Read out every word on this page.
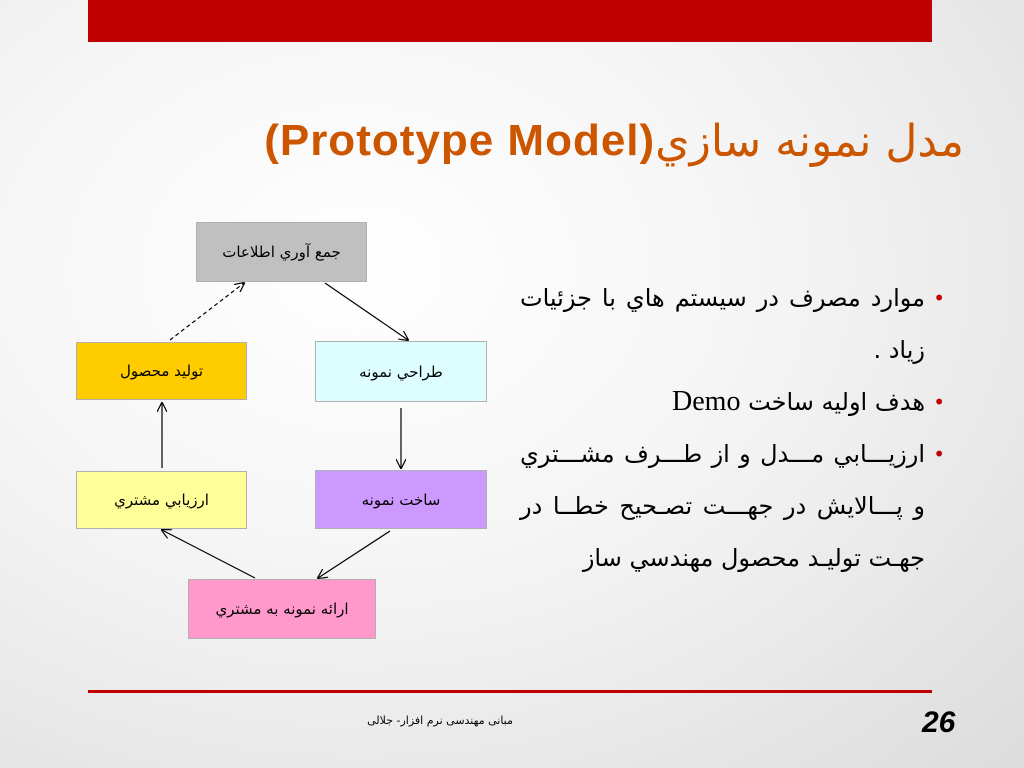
(Prototype Model) مدل نمونه سازي
جمع آوري اطلاعات
طراحي نمونه
توليد محصول
ساخت نمونه
ارزيابي مشتري
ارائه نمونه به مشتري
•
موارد مصرف در سيستم هاي با جزئيات زياد .
•
هدف اوليه ساخت Demo
•
ارزيـــابي مـــدل و از طـــرف مشـــتري و پـــالايش در جهـــت تصـحيح خطــا در جهـت توليـد محصول مهندسي ساز
مبانی مهندسی نرم افزار- جلالی	26
